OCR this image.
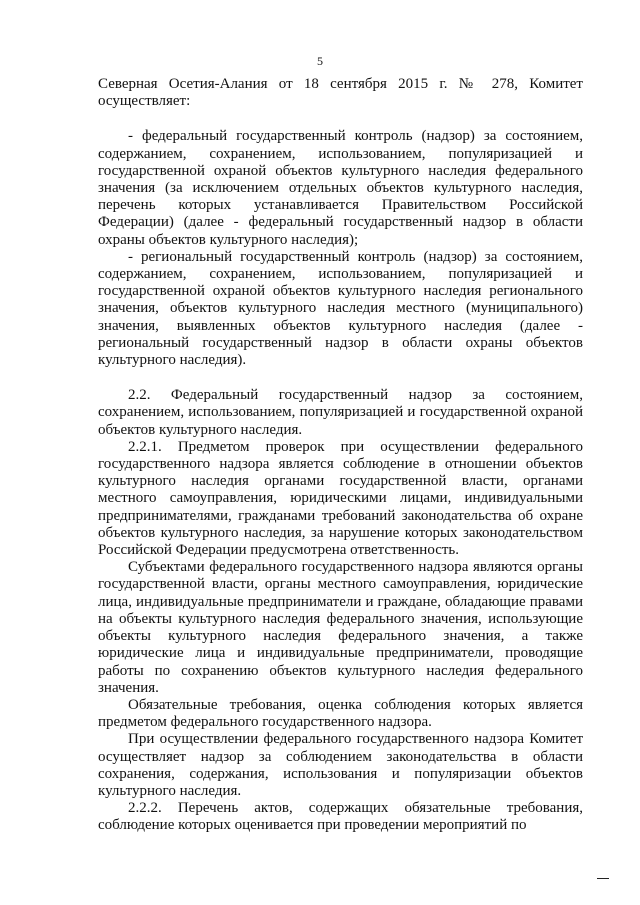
5

Северная Осетия-Алания от 18 сентября 2015 г. № 278, Комитет осуществляет:

- федеральный государственный контроль (надзор) за состоянием, содержанием, сохранением, использованием, популяризацией и государственной охраной объектов культурного наследия федерального значения (за исключением отдельных объектов культурного наследия, перечень которых устанавливается Правительством Российской Федерации) (далее - федеральный государственный надзор в области охраны объектов культурного наследия);

- региональный государственный контроль (надзор) за состоянием, содержанием, сохранением, использованием, популяризацией и государственной охраной объектов культурного наследия регионального значения, объектов культурного наследия местного (муниципального) значения, выявленных объектов культурного наследия (далее - региональный государственный надзор в области охраны объектов культурного наследия).

2.2. Федеральный государственный надзор за состоянием, сохранением, использованием, популяризацией и государственной охраной объектов культурного наследия.

2.2.1. Предметом проверок при осуществлении федерального государственного надзора является соблюдение в отношении объектов культурного наследия органами государственной власти, органами местного самоуправления, юридическими лицами, индивидуальными предпринимателями, гражданами требований законодательства об охране объектов культурного наследия, за нарушение которых законодательством Российской Федерации предусмотрена ответственность.

Субъектами федерального государственного надзора являются органы государственной власти, органы местного самоуправления, юридические лица, индивидуальные предприниматели и граждане, обладающие правами на объекты культурного наследия федерального значения, использующие объекты культурного наследия федерального значения, а также юридические лица и индивидуальные предприниматели, проводящие работы по сохранению объектов культурного наследия федерального значения.

Обязательные требования, оценка соблюдения которых является предметом федерального государственного надзора.

При осуществлении федерального государственного надзора Комитет осуществляет надзор за соблюдением законодательства в области сохранения, содержания, использования и популяризации объектов культурного наследия.

2.2.2. Перечень актов, содержащих обязательные требования, соблюдение которых оценивается при проведении мероприятий по
